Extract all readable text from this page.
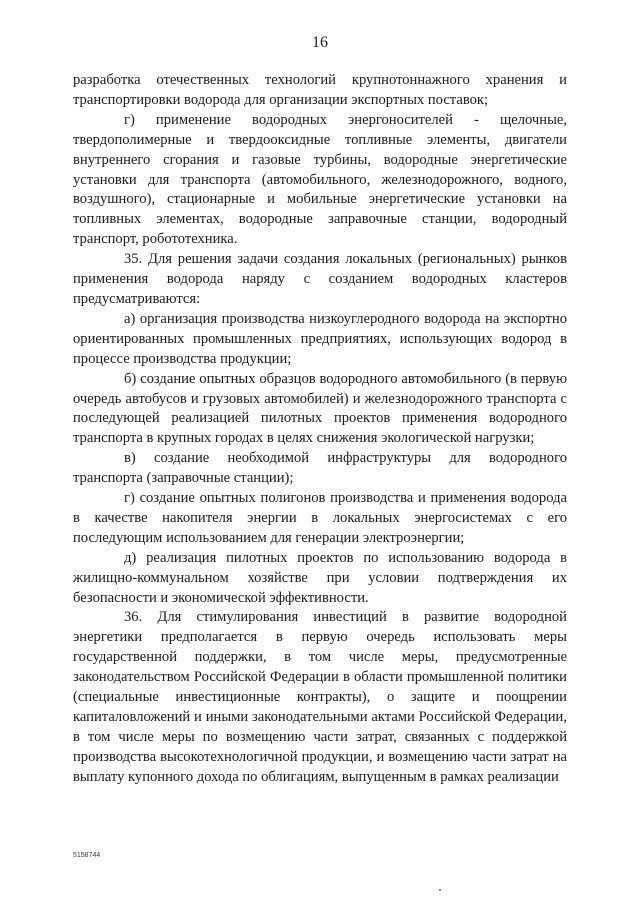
16

разработка отечественных технологий крупнотоннажного хранения и транспортировки водорода для организации экспортных поставок;

г) применение водородных энергоносителей - щелочные, твердополимерные и твердооксидные топливные элементы, двигатели внутреннего сгорания и газовые турбины, водородные энергетические установки для транспорта (автомобильного, железнодорожного, водного, воздушного), стационарные и мобильные энергетические установки на топливных элементах, водородные заправочные станции, водородный транспорт, робототехника.

35. Для решения задачи создания локальных (региональных) рынков применения водорода наряду с созданием водородных кластеров предусматриваются:

а) организация производства низкоуглеродного водорода на экспортно ориентированных промышленных предприятиях, использующих водород в процессе производства продукции;

б) создание опытных образцов водородного автомобильного (в первую очередь автобусов и грузовых автомобилей) и железнодорожного транспорта с последующей реализацией пилотных проектов применения водородного транспорта в крупных городах в целях снижения экологической нагрузки;

в) создание необходимой инфраструктуры для водородного транспорта (заправочные станции);

г) создание опытных полигонов производства и применения водорода в качестве накопителя энергии в локальных энергосистемах с его последующим использованием для генерации электроэнергии;

д) реализация пилотных проектов по использованию водорода в жилищно-коммунальном хозяйстве при условии подтверждения их безопасности и экономической эффективности.

36. Для стимулирования инвестиций в развитие водородной энергетики предполагается в первую очередь использовать меры государственной поддержки, в том числе меры, предусмотренные законодательством Российской Федерации в области промышленной политики (специальные инвестиционные контракты), о защите и поощрении капиталовложений и иными законодательными актами Российской Федерации, в том числе меры по возмещению части затрат, связанных с поддержкой производства высокотехнологичной продукции, и возмещению части затрат на выплату купонного дохода по облигациям, выпущенным в рамках реализации

5158744
